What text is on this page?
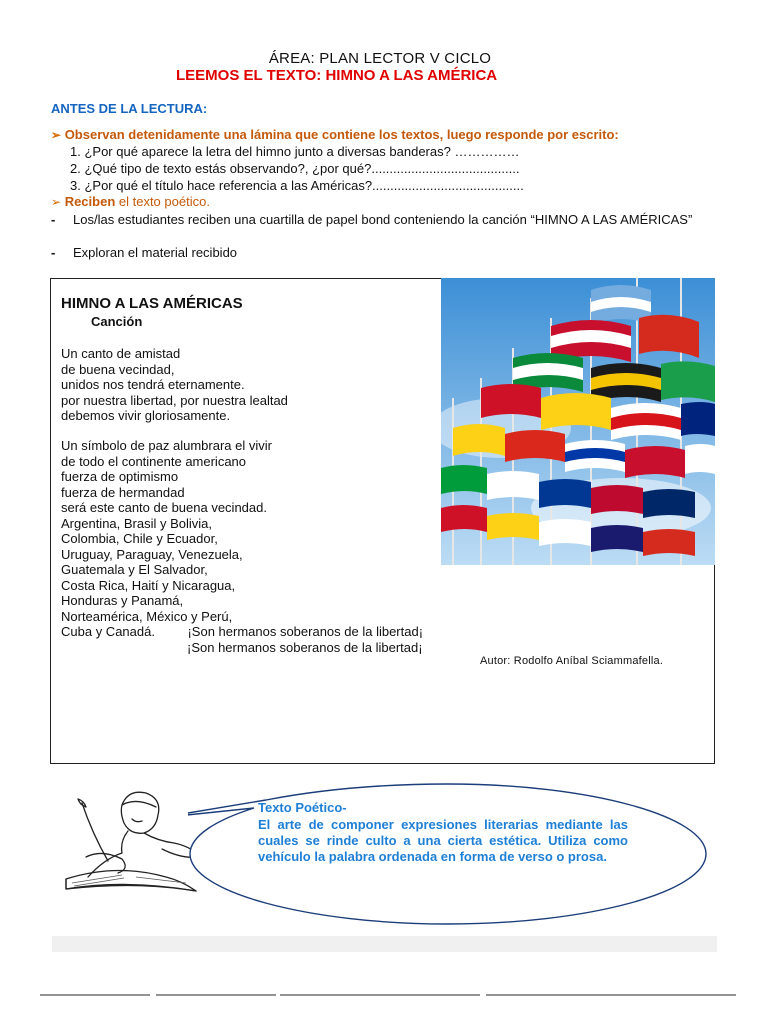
ÁREA: PLAN LECTOR V CICLO
LEEMOS EL TEXTO: HIMNO A LAS AMÉRICA
ANTES DE LA LECTURA:
➢ Observan detenidamente una lámina que contiene los textos, luego responde por escrito:
1. ¿Por qué aparece la letra del himno junto a diversas banderas? ……………
2. ¿Qué tipo de texto estás observando?, ¿por qué?.........................................
3. ¿Por qué el título hace referencia a las Américas?..........................................
➢ Reciben el texto poético.
- Los/las estudiantes reciben una cuartilla de papel bond conteniendo la canción “HIMNO A LAS AMÉRICAS”
- Exploran el material recibido
HIMNO A LAS AMÉRICAS
Canción
Un canto de amistad
de buena vecindad,
unidos nos tendrá eternamente.
por nuestra libertad, por nuestra lealtad
debemos vivir gloriosamente.
Un símbolo de paz alumbrara el vivir
de todo el continente americano
fuerza de optimismo
fuerza de hermandad
será este canto de buena vecindad.
Argentina, Brasil y Bolivia,
Colombia, Chile y Ecuador,
Uruguay, Paraguay, Venezuela,
Guatemala y El Salvador,
Costa Rica, Haití y Nicaragua,
Honduras y Panamá,
Norteamérica, México y Perú,
Cuba y Canadá.         ¡Son hermanos soberanos de la libertad¡
¡Son hermanos soberanos de la libertad¡
Autor: Rodolfo Aníbal Sciammafella.
Texto Poético-
El arte de componer expresiones literarias mediante las cuales se rinde culto a una cierta estética. Utiliza como vehículo la palabra ordenada en forma de verso o prosa.
